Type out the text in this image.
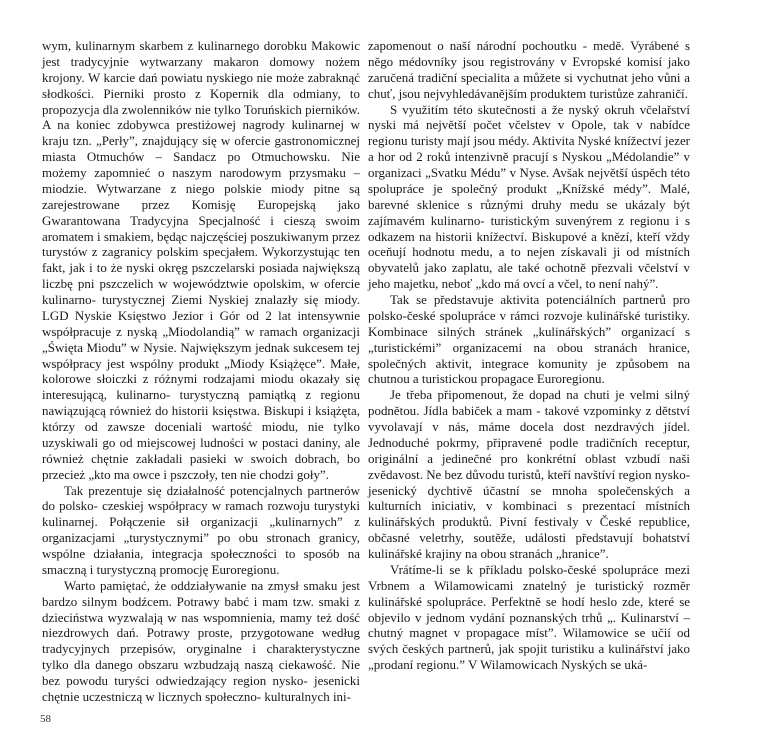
wym, kulinarnym skarbem z kulinarnego dorobku Makowic jest tradycyjnie wytwarzany makaron domowy nożem krojony. W karcie dań powiatu nyskiego nie może zabraknąć słodkości. Pierniki prosto z Kopernik dla odmiany, to propozycja dla zwolenników nie tylko Toruńskich pierników. A na koniec zdobywca prestiżowej nagrody kulinarnej w kraju tzn. „Perły”, znajdujący się w ofercie gastronomicznej miasta Otmuchów – Sandacz po Otmuchowsku. Nie możemy zapomnieć o naszym narodowym przysmaku – miodzie. Wytwarzane z niego polskie miody pitne są zarejestrowane przez Komisję Europejską jako Gwarantowana Tradycyjna Specjalność i cieszą swoim aromatem i smakiem, będąc najczęściej poszukiwanym przez turystów z zagranicy polskim specjałem. Wykorzystując ten fakt, jak i to że nyski okręg pszczelarski posiada największą liczbę pni pszczelich w województwie opolskim, w ofercie kulinarno- turystycznej Ziemi Nyskiej znalazły się miody. LGD Nyskie Księstwo Jezior i Gór od 2 lat intensywnie współpracuje z nyską „Miodolandią” w ramach organizacji „Święta Miodu” w Nysie. Największym jednak sukcesem tej współpracy jest wspólny produkt „Miody Książęce”. Małe, kolorowe słoiczki z różnymi rodzajami miodu okazały się interesującą, kulinarno- turystyczną pamiątką z regionu nawiązującą również do historii księstwa. Biskupi i książęta, którzy od zawsze doceniali wartość miodu, nie tylko uzyskiwali go od miejscowej ludności w postaci daniny, ale również chętnie zakładali pasieki w swoich dobrach, bo przecież „kto ma owce i pszczoły, ten nie chodzi goły”.

Tak prezentuje się działalność potencjalnych partnerów do polsko- czeskiej współpracy w ramach rozwoju turystyki kulinarnej. Połączenie sił organizacji „kulinarnych” z organizacjami „turystycznymi” po obu stronach granicy, wspólne działania, integracja społeczności to sposób na smaczną i turystyczną promocję Euroregionu.

Warto pamiętać, że oddziaływanie na zmysł smaku jest bardzo silnym bodźcem. Potrawy babć i mam tzw. smaki z dzieciństwa wyzwalają w nas wspomnienia, mamy też dość niezdrowych dań. Potrawy proste, przygotowane według tradycyjnych przepisów, oryginalne i charakterystyczne tylko dla danego obszaru wzbudzają naszą ciekawość. Nie bez powodu turyści odwiedzający region nysko- jesenicki chętnie uczestniczą w licznych społeczno- kulturalnych ini-

zapomenout o naší národní pochoutku - medě. Vyrábené s něgo médovníky jsou registrovány v Evropské komisí jako zaručená tradiční specialita a můžete si vychutnat jeho vůni a chuť, jsou nejvyhledávanějším produktem turistůze zahraničí.

S využitím této skutečnosti a že nyský okruh včelařství nyski má největší počet včelstev v Opole, tak v nabídce regionu turisty mají jsou médy. Aktivita Nyské knížectví jezer a hor od 2 roků intenzivně pracují s Nyskou „Médolandie” v organizaci „Svatku Médu” v Nyse. Avšak největší úspěch této spolupráce je společný produkt „Knížské médy”. Malé, barevné sklenice s různými druhy medu se ukázaly být zajímavém kulinarno- turistickým suvenýrem z regionu i s odkazem na historii knížectví. Biskupové a knězí, kteří vždy oceňují hodnotu medu, a to nejen získavali ji od místních obyvatelů jako zaplatu, ale také ochotně přezvali včelství v jeho majetku, neboť „kdo má ovcí a včel, to není nahý”.

Tak se představuje aktivita potenciálních partnerů pro polsko-české spolupráce v rámci rozvoje kulinářské turistiky. Kombinace silných stránek „kulinářských” organizací s „turistickémi” organizacemi na obou stranách hranice, společných aktivit, integrace komunity je způsobem na chutnou a turistickou propagace Euroregionu.

Je třeba připomenout, že dopad na chuti je velmi silný podnětou. Jídla babiček a mam - takové vzpominky z dětství vyvolavají v nás, máme docela dost nezdravých jídel. Jednoduché pokrmy, připravené podle tradičních receptur, originální a jedinečné pro konkrétní oblast vzbudí naši zvědavost. Ne bez důvodu turistů, kteří navštíví region nysko- jesenický dychtivě účastní se mnoha společenských a kulturních iniciativ, v kombinaci s prezentací místních kulinářských produktů. Pivní festivaly v České republice, občasné veletrhy, soutěže, události představují bohatství kulinářské krajiny na obou stranách „hranice”.

Vrátíme-li se k příkladu polsko-české spolupráce mezi Vrbnem a Wilamowicami znatelný je turistický rozměr kulinářské spolupráce. Perfektně se hodí heslo zde, které se objevilo v jednom vydání poznanských trhů „. Kulinarství – chutný magnet v propagace míst”. Wilamowice se učií od svých českých partnerů, jak spojit turistiku a kulinářství jako „prodaní regionu.” V Wilamowicach Nyských se uká-

58
